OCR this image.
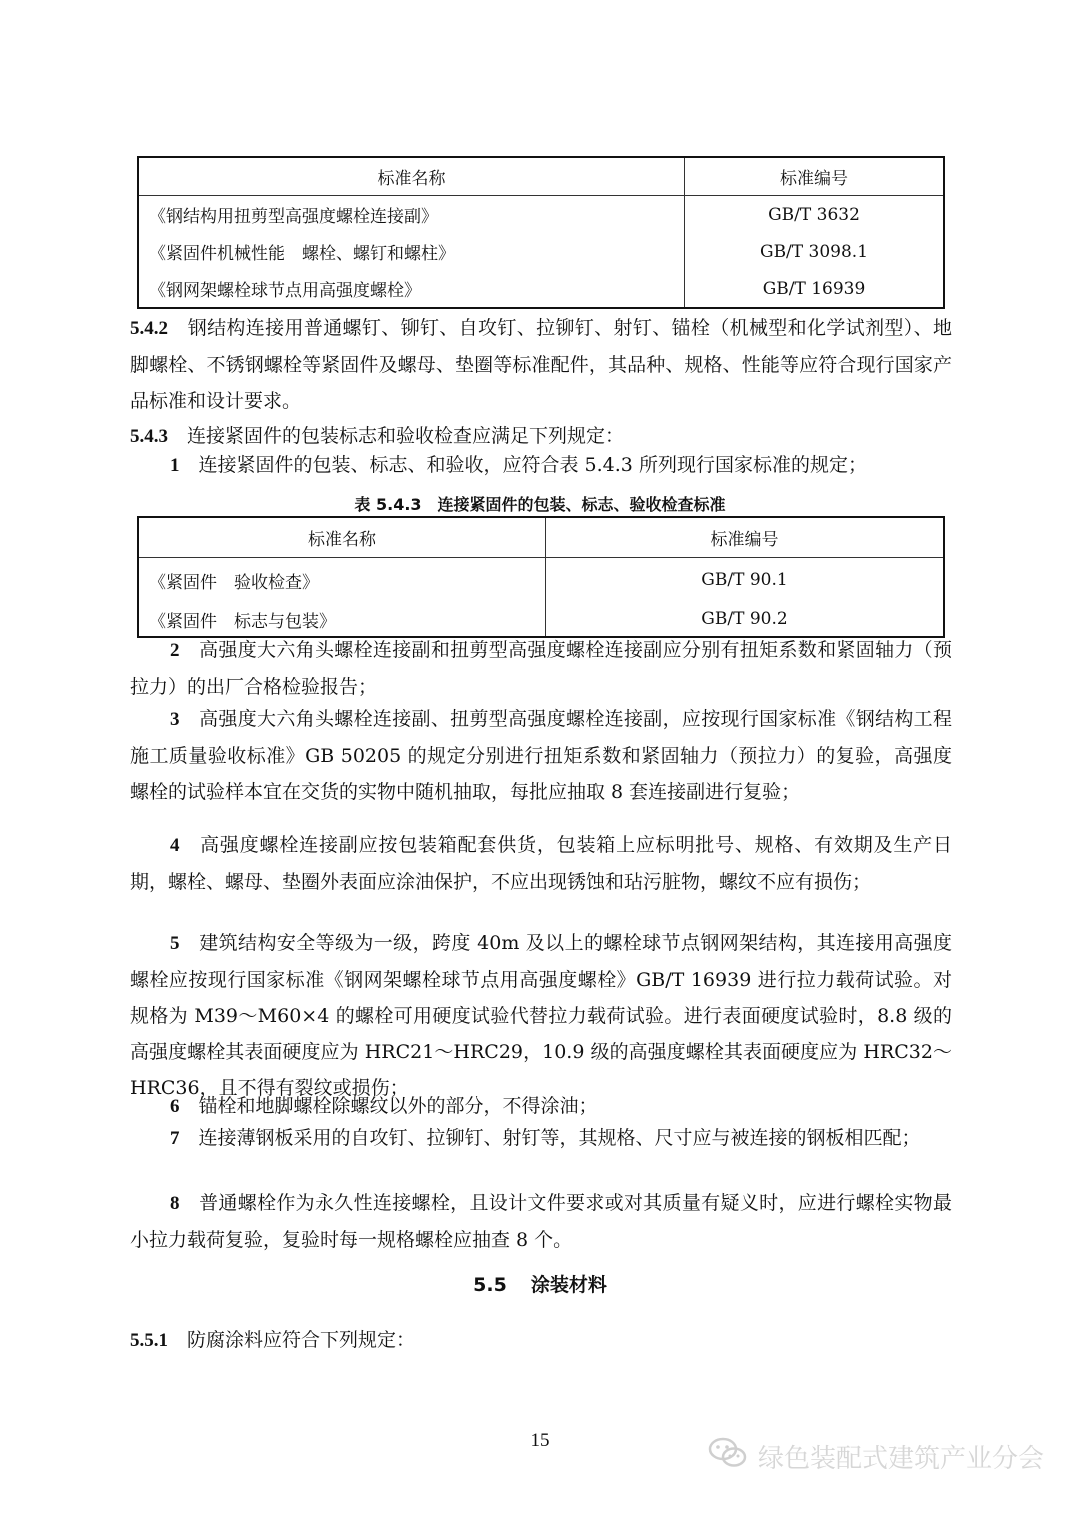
标准名称	标准编号
《钢结构用扭剪型高强度螺栓连接副》	GB/T 3632
《紧固件机械性能　螺栓、螺钉和螺柱》	GB/T 3098.1
《钢网架螺栓球节点用高强度螺栓》	GB/T 16939

5.4.2　 钢结构连接用普通螺钉、铆钉、自攻钉、拉铆钉、射钉、锚栓（机械型和化学试剂型）、地脚螺栓、不锈钢螺栓等紧固件及螺母、垫圈等标准配件，其品种、规格、性能等应符合现行国家产品标准和设计要求。

5.4.3　 连接紧固件的包装标志和验收检查应满足下列规定：

1　 连接紧固件的包装、标志、和验收，应符合表 5.4.3 所列现行国家标准的规定；

表 5.4.3　连接紧固件的包装、标志、验收检查标准

标准名称	标准编号
《紧固件　验收检查》	GB/T 90.1
《紧固件　标志与包装》	GB/T 90.2

2　 高强度大六角头螺栓连接副和扭剪型高强度螺栓连接副应分别有扭矩系数和紧固轴力（预拉力）的出厂合格检验报告；

3　 高强度大六角头螺栓连接副、扭剪型高强度螺栓连接副，应按现行国家标准《钢结构工程施工质量验收标准》GB 50205 的规定分别进行扭矩系数和紧固轴力（预拉力）的复验，高强度螺栓的试验样本宜在交货的实物中随机抽取，每批应抽取 8 套连接副进行复验；

4　 高强度螺栓连接副应按包装箱配套供货，包装箱上应标明批号、规格、有效期及生产日期，螺栓、螺母、垫圈外表面应涂油保护，不应出现锈蚀和玷污脏物，螺纹不应有损伤；

5　 建筑结构安全等级为一级，跨度 40m 及以上的螺栓球节点钢网架结构，其连接用高强度螺栓应按现行国家标准《钢网架螺栓球节点用高强度螺栓》GB/T 16939 进行拉力载荷试验。对规格为 M39～M60×4 的螺栓可用硬度试验代替拉力载荷试验。进行表面硬度试验时，8.8 级的高强度螺栓其表面硬度应为 HRC21～HRC29，10.9 级的高强度螺栓其表面硬度应为 HRC32～HRC36，且不得有裂纹或损伤；

6　 锚栓和地脚螺栓除螺纹以外的部分，不得涂油；

7　 连接薄钢板采用的自攻钉、拉铆钉、射钉等，其规格、尺寸应与被连接的钢板相匹配；

8　 普通螺栓作为永久性连接螺栓，且设计文件要求或对其质量有疑义时，应进行螺栓实物最小拉力载荷复验，复验时每一规格螺栓应抽查 8 个。

5.5 涂装材料

5.5.1　 防腐涂料应符合下列规定：

15

绿色装配式建筑产业分会
